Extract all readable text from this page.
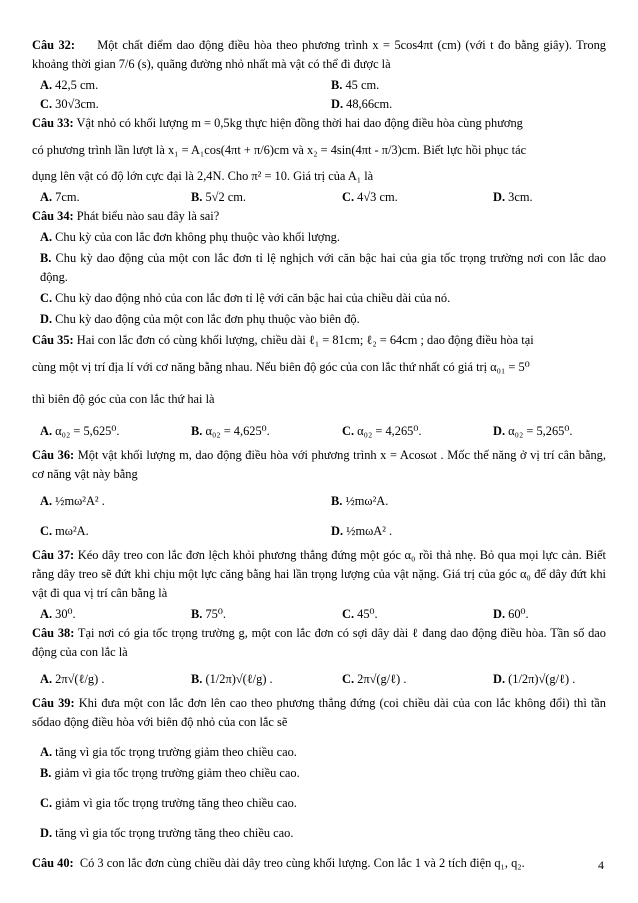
Câu 32: Một chất điểm dao động điều hòa theo phương trình x = 5cos4πt (cm) (với t đo bằng giây). Trong khoảng thời gian 7/6 (s), quãng đường nhỏ nhất mà vật có thể đi được là
A. 42,5 cm.	B. 45 cm.
C. 30√3cm.	D. 48,66cm.
Câu 33: Vật nhỏ có khối lượng m = 0,5kg thực hiện đồng thời hai dao động điều hòa cùng phương
có phương trình lần lượt là x₁ = A₁cos(4πt + π/6)cm và x₂ = 4sin(4πt - π/3)cm. Biết lực hồi phục tác
dụng lên vật có độ lớn cực đại là 2,4N. Cho π² = 10. Giá trị của A₁ là
A. 7cm.	B. 5√2 cm.	C. 4√3 cm.	D. 3cm.
Câu 34: Phát biểu nào sau đây là sai?
A. Chu kỳ của con lắc đơn không phụ thuộc vào khối lượng.
B. Chu kỳ dao động của một con lắc đơn tỉ lệ nghịch với căn bậc hai của gia tốc trọng trường nơi con lắc dao động.
C. Chu kỳ dao động nhỏ của con lắc đơn tỉ lệ với căn bậc hai của chiều dài của nó.
D. Chu kỳ dao động của một con lắc đơn phụ thuộc vào biên độ.
Câu 35: Hai con lắc đơn có cùng khối lượng, chiều dài ℓ₁ = 81cm; ℓ₂ = 64cm ; dao động điều hòa tại
cùng một vị trí địa lí với cơ năng bằng nhau. Nếu biên độ góc của con lắc thứ nhất có giá trị α₀₁ = 5⁰
thì biên độ góc của con lắc thứ hai là
A. α₀₂ = 5,625⁰.	B. α₀₂ = 4,625⁰.	C. α₀₂ = 4,265⁰.	D. α₀₂ = 5,265⁰.
Câu 36: Một vật khối lượng m, dao động điều hòa với phương trình x = Acosωt . Mốc thế năng ở vị trí cân bằng, cơ năng vật này bằng
A. ½mω²A² .	B. ½mω²A.
C. mω²A.	D. ½mωA² .
Câu 37: Kéo dây treo con lắc đơn lệch khỏi phương thẳng đứng một góc α₀ rồi thả nhẹ. Bỏ qua mọi lực cản. Biết rằng dây treo sẽ đứt khi chịu một lực căng bằng hai lần trọng lượng của vật nặng. Giá trị của góc α₀ để dây đứt khi vật đi qua vị trí cân bằng là
A. 30⁰.	B. 75⁰.	C. 45⁰.	D. 60⁰.
Câu 38: Tại nơi có gia tốc trọng trường g, một con lắc đơn có sợi dây dài ℓ đang dao động điều hòa. Tần số dao động của con lắc là
A. 2π√(ℓ/g) .	B. (1/2π)√(ℓ/g) .	C. 2π√(g/ℓ) .	D. (1/2π)√(g/ℓ) .
Câu 39: Khi đưa một con lắc đơn lên cao theo phương thẳng đứng (coi chiều dài của con lắc không đổi) thì tần sốdao động điều hòa với biên độ nhỏ của con lắc sẽ
A. tăng vì gia tốc trọng trường giảm theo chiều cao.
B. giảm vì gia tốc trọng trường giảm theo chiều cao.
C. giảm vì gia tốc trọng trường tăng theo chiều cao.
D. tăng vì gia tốc trọng trường tăng theo chiều cao.
Câu 40: Có 3 con lắc đơn cùng chiều dài dây treo cùng khối lượng. Con lắc 1 và 2 tích điện q₁, q₂.	4
